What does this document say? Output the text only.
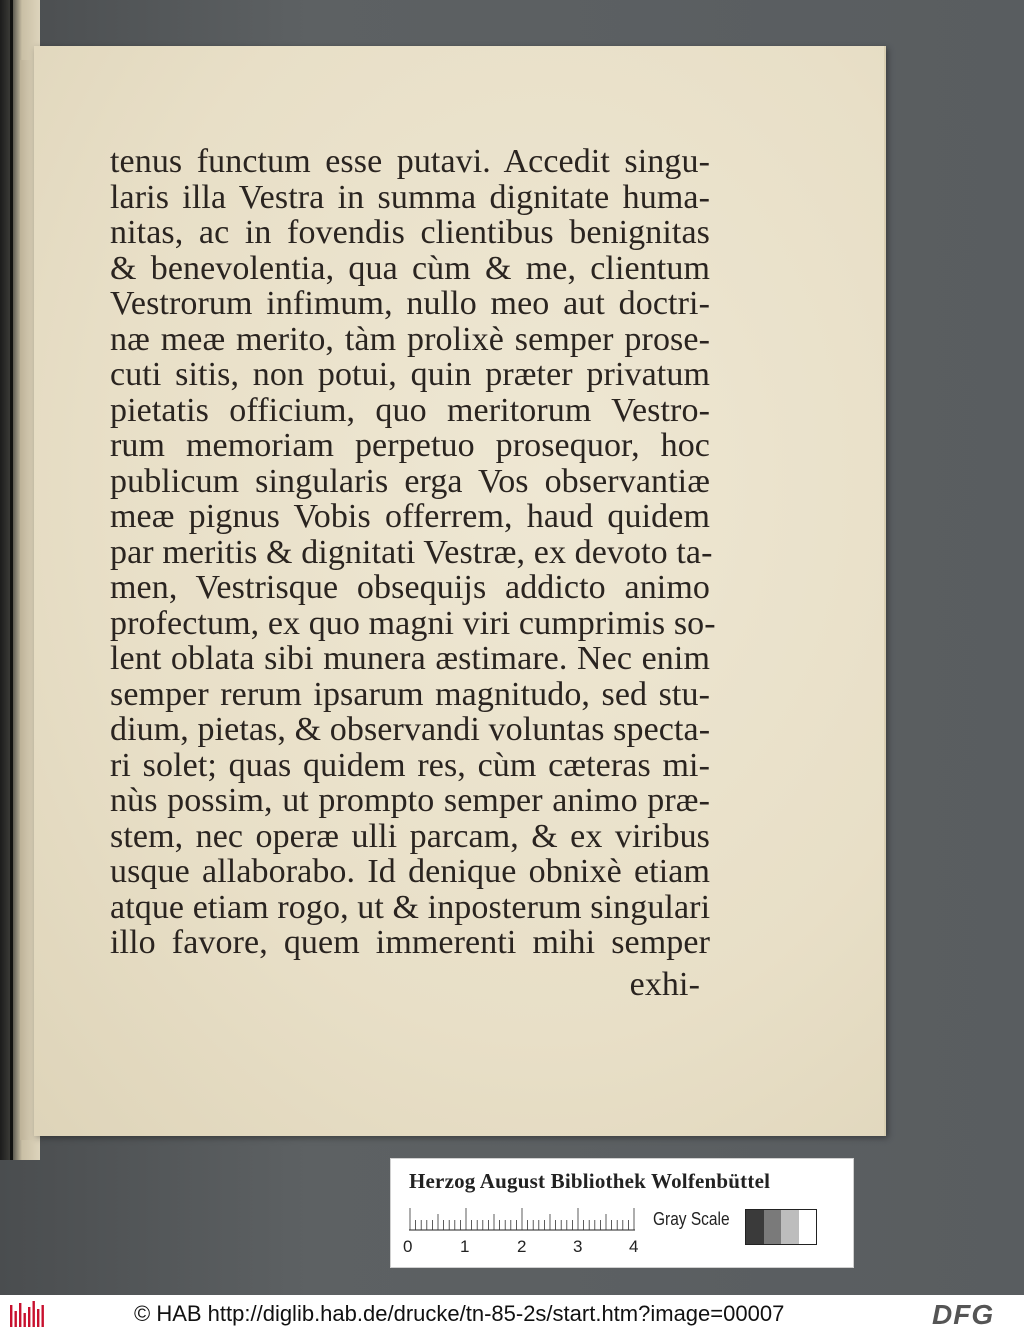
tenus functum esse putavi. Accedit singu-
laris illa Vestra in summa dignitate huma-
nitas, ac in fovendis clientibus benignitas
& benevolentia, qua cùm & me, clientum
Vestrorum infimum, nullo meo aut doctri-
næ meæ merito, tàm prolixè semper prose-
cuti sitis, non potui, quin præter privatum
pietatis officium, quo meritorum Vestro-
rum memoriam perpetuo prosequor, hoc
publicum singularis erga Vos observantiæ
meæ pignus Vobis offerrem, haud quidem
par meritis & dignitati Vestræ, ex devoto ta-
men, Vestrisque obsequijs addicto animo
profectum, ex quo magni viri cumprimis so-
lent oblata sibi munera æstimare. Nec enim
semper rerum ipsarum magnitudo, sed stu-
dium, pietas, & observandi voluntas specta-
ri solet; quas quidem res, cùm cæteras mi-
nùs possim, ut prompto semper animo præ-
stem, nec operæ ulli parcam, & ex viribus
usque allaborabo. Id denique obnixè etiam
atque etiam rogo, ut & inposterum singulari
illo favore, quem immerenti mihi semper
exhi-
Herzog August Bibliothek Wolfenbüttel
0	1	2	3	4
Gray Scale
© HAB http://diglib.hab.de/drucke/tn-85-2s/start.htm?image=00007	DFG
